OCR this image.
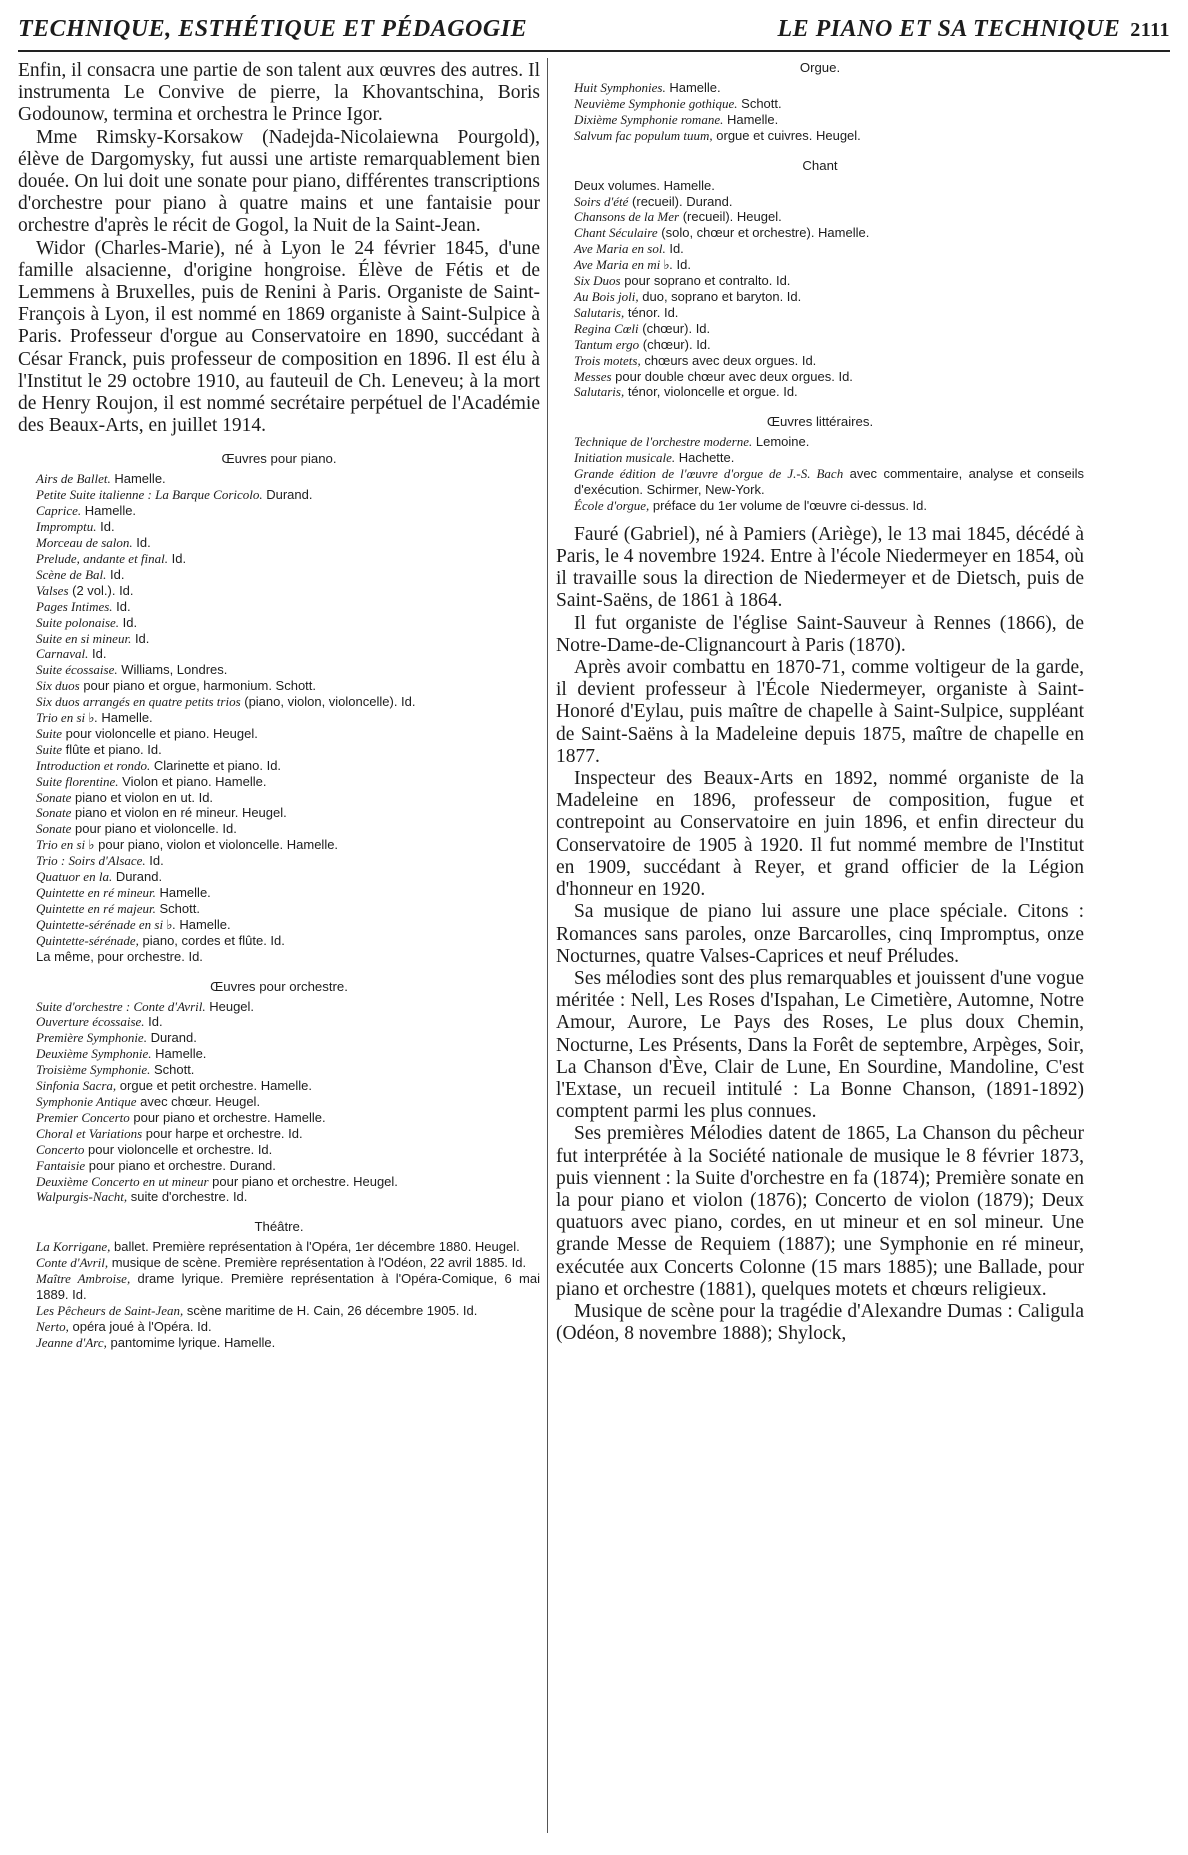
TECHNIQUE, ESTHÉTIQUE ET PÉDAGOGIE	LE PIANO ET SA TECHNIQUE 2111

Enfin, il consacra une partie de son talent aux œuvres des autres. Il instrumenta Le Convive de pierre, la Khovantschina, Boris Godounow, termina et orchestra le Prince Igor.

Mme Rimsky-Korsakow (Nadejda-Nicolaiewna Pourgold), élève de Dargomysky, fut aussi une artiste remarquablement bien douée. On lui doit une sonate pour piano, différentes transcriptions d'orchestre pour piano à quatre mains et une fantaisie pour orchestre d'après le récit de Gogol, la Nuit de la Saint-Jean.

Widor (Charles-Marie), né à Lyon le 24 février 1845, d'une famille alsacienne, d'origine hongroise. Élève de Fétis et de Lemmens à Bruxelles, puis de Renini à Paris. Organiste de Saint-François à Lyon, il est nommé en 1869 organiste à Saint-Sulpice à Paris. Professeur d'orgue au Conservatoire en 1890, succédant à César Franck, puis professeur de composition en 1896. Il est élu à l'Institut le 29 octobre 1910, au fauteuil de Ch. Leneveu; à la mort de Henry Roujon, il est nommé secrétaire perpétuel de l'Académie des Beaux-Arts, en juillet 1914.

Œuvres pour piano.

Airs de Ballet. Hamelle.

Petite Suite italienne : La Barque Coricolo. Durand.

Caprice. Hamelle.

Impromptu. Id.

Morceau de salon. Id.

Prelude, andante et final. Id.

Scène de Bal. Id.

Valses (2 vol.). Id.

Pages Intimes. Id.

Suite polonaise. Id.

Suite en si mineur. Id.

Carnaval. Id.

Suite écossaise. Williams, Londres.

Six duos pour piano et orgue, harmonium. Schott.

Six duos arrangés en quatre petits trios (piano, violon, violoncelle). Id.

Trio en si ♭. Hamelle.

Suite pour violoncelle et piano. Heugel.

Suite flûte et piano. Id.

Introduction et rondo. Clarinette et piano. Id.

Suite florentine. Violon et piano. Hamelle.

Sonate piano et violon en ut. Id.

Sonate piano et violon en ré mineur. Heugel.

Sonate pour piano et violoncelle. Id.

Trio en si ♭ pour piano, violon et violoncelle. Hamelle.

Trio : Soirs d'Alsace. Id.

Quatuor en la. Durand.

Quintette en ré mineur. Hamelle.

Quintette en ré majeur. Schott.

Quintette-sérénade en si ♭. Hamelle.

Quintette-sérénade, piano, cordes et flûte. Id.

La même, pour orchestre. Id.

Œuvres pour orchestre.

Suite d'orchestre : Conte d'Avril. Heugel.

Ouverture écossaise. Id.

Première Symphonie. Durand.

Deuxième Symphonie. Hamelle.

Troisième Symphonie. Schott.

Sinfonia Sacra, orgue et petit orchestre. Hamelle.

Symphonie Antique avec chœur. Heugel.

Premier Concerto pour piano et orchestre. Hamelle.

Choral et Variations pour harpe et orchestre. Id.

Concerto pour violoncelle et orchestre. Id.

Fantaisie pour piano et orchestre. Durand.

Deuxième Concerto en ut mineur pour piano et orchestre. Heugel.

Walpurgis-Nacht, suite d'orchestre. Id.

Théâtre.

La Korrigane, ballet. Première représentation à l'Opéra, 1er décembre 1880. Heugel.

Conte d'Avril, musique de scène. Première représentation à l'Odéon, 22 avril 1885. Id.

Maître Ambroise, drame lyrique. Première représentation à l'Opéra-Comique, 6 mai 1889. Id.

Les Pêcheurs de Saint-Jean, scène maritime de H. Cain, 26 décembre 1905. Id.

Nerto, opéra joué à l'Opéra. Id.

Jeanne d'Arc, pantomime lyrique. Hamelle.

Orgue.

Huit Symphonies. Hamelle.

Neuvième Symphonie gothique. Schott.

Dixième Symphonie romane. Hamelle.

Salvum fac populum tuum, orgue et cuivres. Heugel.

Chant

Deux volumes. Hamelle.

Soirs d'été (recueil). Durand.

Chansons de la Mer (recueil). Heugel.

Chant Séculaire (solo, chœur et orchestre). Hamelle.

Ave Maria en sol. Id.

Ave Maria en mi ♭. Id.

Six Duos pour soprano et contralto. Id.

Au Bois joli, duo, soprano et baryton. Id.

Salutaris, ténor. Id.

Regina Cœli (chœur). Id.

Tantum ergo (chœur). Id.

Trois motets, chœurs avec deux orgues. Id.

Messes pour double chœur avec deux orgues. Id.

Salutaris, ténor, violoncelle et orgue. Id.

Œuvres littéraires.

Technique de l'orchestre moderne. Lemoine.

Initiation musicale. Hachette.

Grande édition de l'œuvre d'orgue de J.-S. Bach avec commentaire, analyse et conseils d'exécution. Schirmer, New-York.

École d'orgue, préface du 1er volume de l'œuvre ci-dessus. Id.

Fauré (Gabriel), né à Pamiers (Ariège), le 13 mai 1845, décédé à Paris, le 4 novembre 1924. Entre à l'école Niedermeyer en 1854, où il travaille sous la direction de Niedermeyer et de Dietsch, puis de Saint-Saëns, de 1861 à 1864.

Il fut organiste de l'église Saint-Sauveur à Rennes (1866), de Notre-Dame-de-Clignancourt à Paris (1870).

Après avoir combattu en 1870-71, comme voltigeur de la garde, il devient professeur à l'École Niedermeyer, organiste à Saint-Honoré d'Eylau, puis maître de chapelle à Saint-Sulpice, suppléant de Saint-Saëns à la Madeleine depuis 1875, maître de chapelle en 1877.

Inspecteur des Beaux-Arts en 1892, nommé organiste de la Madeleine en 1896, professeur de composition, fugue et contrepoint au Conservatoire en juin 1896, et enfin directeur du Conservatoire de 1905 à 1920. Il fut nommé membre de l'Institut en 1909, succédant à Reyer, et grand officier de la Légion d'honneur en 1920.

Sa musique de piano lui assure une place spéciale. Citons : Romances sans paroles, onze Barcarolles, cinq Impromptus, onze Nocturnes, quatre Valses-Caprices et neuf Préludes.

Ses mélodies sont des plus remarquables et jouissent d'une vogue méritée : Nell, Les Roses d'Ispahan, Le Cimetière, Automne, Notre Amour, Aurore, Le Pays des Roses, Le plus doux Chemin, Nocturne, Les Présents, Dans la Forêt de septembre, Arpèges, Soir, La Chanson d'Ève, Clair de Lune, En Sourdine, Mandoline, C'est l'Extase, un recueil intitulé : La Bonne Chanson, (1891-1892) comptent parmi les plus connues.

Ses premières Mélodies datent de 1865, La Chanson du pêcheur fut interprétée à la Société nationale de musique le 8 février 1873, puis viennent : la Suite d'orchestre en fa (1874); Première sonate en la pour piano et violon (1876); Concerto de violon (1879); Deux quatuors avec piano, cordes, en ut mineur et en sol mineur. Une grande Messe de Requiem (1887); une Symphonie en ré mineur, exécutée aux Concerts Colonne (15 mars 1885); une Ballade, pour piano et orchestre (1881), quelques motets et chœurs religieux.

Musique de scène pour la tragédie d'Alexandre Dumas : Caligula (Odéon, 8 novembre 1888); Shylock,
